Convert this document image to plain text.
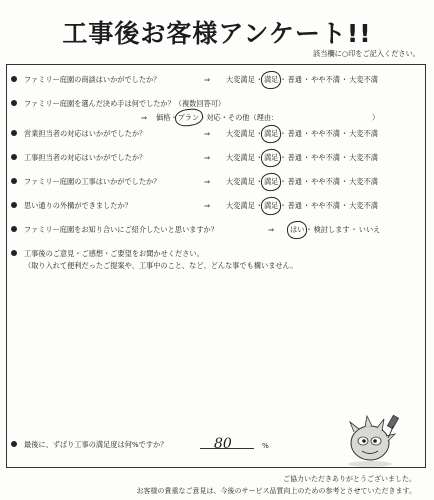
工事後お客様アンケート!!
該当欄に○印をご記入ください。
ファミリー庭園の商談はいかがでしたか？	⇒ 大変満足・満足・普通・やや不満・大変不満
ファミリー庭園を選んだ決め手は何でしたか？（複数回答可）
⇒ 価格・プラン・対応・その他（理由：	）
営業担当者の対応はいかがでしたか？	⇒ 大変満足・満足・普通・やや不満・大変不満
工事担当者の対応はいかがでしたか？	⇒ 大変満足・満足・普通・やや不満・大変不満
ファミリー庭園の工事はいかがでしたか？	⇒ 大変満足・満足・普通・やや不満・大変不満
思い通りの外構ができましたか？	⇒ 大変満足・満足・普通・やや不満・大変不満
ファミリー庭園をお知り合いにご紹介したいと思いますか？	⇒ はい・検討します・いいえ
工事後のご意見・ご感想・ご要望をお聞かせください。
（取り入れて便利だったご提案や、工事中のこと、など、どんな事でも構いません。
最後に、ずばり工事の満足度は何%ですか？	80	%
ご協力いただきありがとうございました。
お客様の貴重なご意見は、今後のサービス品質向上のための参考とさせていただきます。
